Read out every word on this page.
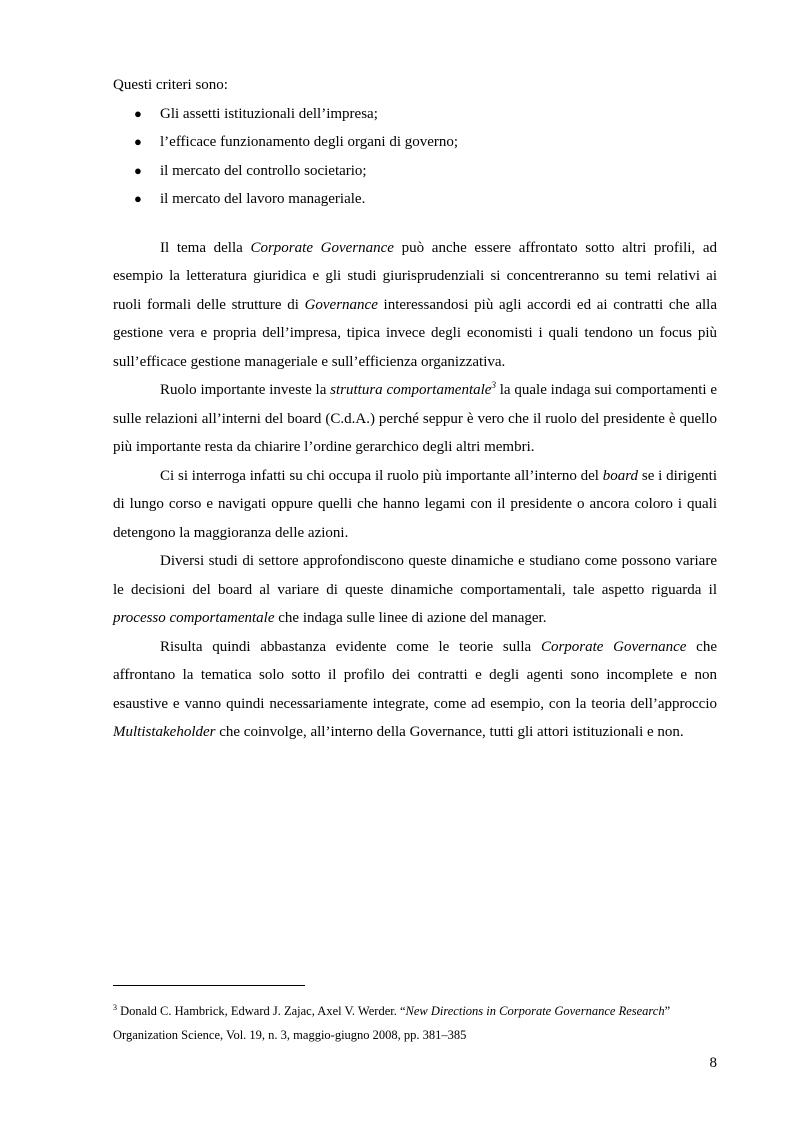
Questi criteri sono:

● Gli assetti istituzionali dell’impresa;
● l’efficace funzionamento degli organi di governo;
● il mercato del controllo societario;
● il mercato del lavoro manageriale.

Il tema della Corporate Governance può anche essere affrontato sotto altri profili, ad esempio la letteratura giuridica e gli studi giurisprudenziali si concentreranno su temi relativi ai ruoli formali delle strutture di Governance interessandosi più agli accordi ed ai contratti che alla gestione vera e propria dell’impresa, tipica invece degli economisti i quali tendono un focus più sull’efficace gestione manageriale e sull’efficienza organizzativa.

Ruolo importante investe la struttura comportamentale$^3$ la quale indaga sui comportamenti e sulle relazioni all’interni del board (C.d.A.) perché seppur è vero che il ruolo del presidente è quello più importante resta da chiarire l’ordine gerarchico degli altri membri.

Ci si interroga infatti su chi occupa il ruolo più importante all’interno del board se i dirigenti di lungo corso e navigati oppure quelli che hanno legami con il presidente o ancora coloro i quali detengono la maggioranza delle azioni.

Diversi studi di settore approfondiscono queste dinamiche e studiano come possono variare le decisioni del board al variare di queste dinamiche comportamentali, tale aspetto riguarda il processo comportamentale che indaga sulle linee di azione del manager.

Risulta quindi abbastanza evidente come le teorie sulla Corporate Governance che affrontano la tematica solo sotto il profilo dei contratti e degli agenti sono incomplete e non esaustive e vanno quindi necessariamente integrate, come ad esempio, con la teoria dell’approccio Multistakeholder che coinvolge, all’interno della Governance, tutti gli attori istituzionali e non.

$^3$ Donald C. Hambrick, Edward J. Zajac, Axel V. Werder. “New Directions in Corporate Governance Research” Organization Science, Vol. 19, n. 3, maggio-giugno 2008, pp. 381–385
8
